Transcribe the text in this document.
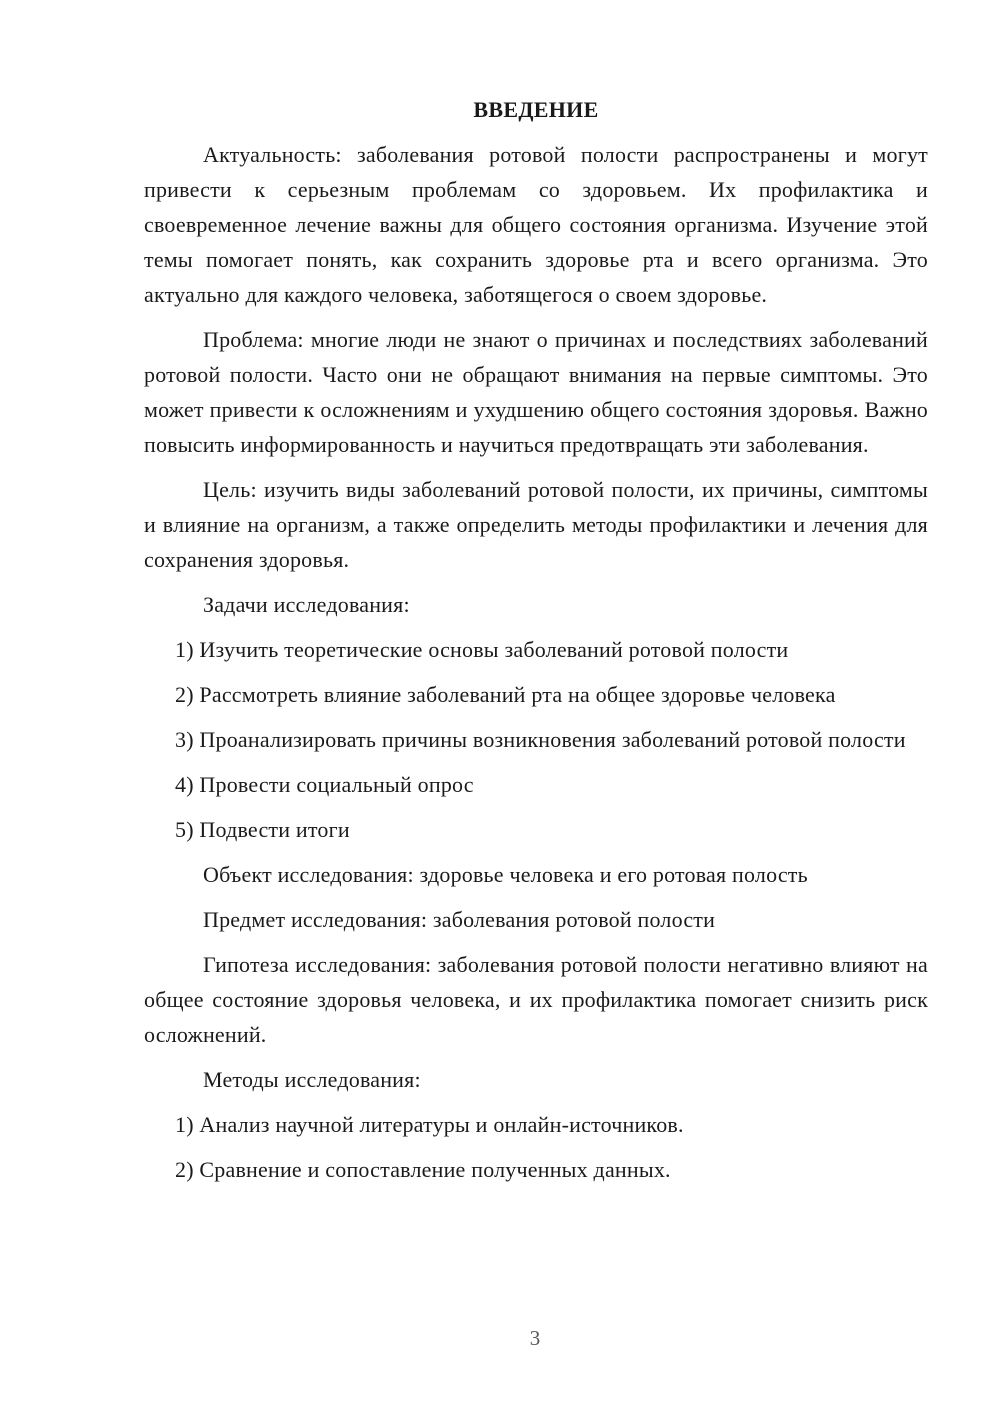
ВВЕДЕНИЕ

Актуальность: заболевания ротовой полости распространены и могут привести к серьезным проблемам со здоровьем. Их профилактика и своевременное лечение важны для общего состояния организма. Изучение этой темы помогает понять, как сохранить здоровье рта и всего организма. Это актуально для каждого человека, заботящегося о своем здоровье.

Проблема: многие люди не знают о причинах и последствиях заболеваний ротовой полости. Часто они не обращают внимания на первые симптомы. Это может привести к осложнениям и ухудшению общего состояния здоровья. Важно повысить информированность и научиться предотвращать эти заболевания.

Цель: изучить виды заболеваний ротовой полости, их причины, симптомы и влияние на организм, а также определить методы профилактики и лечения для сохранения здоровья.

Задачи исследования:

1) Изучить теоретические основы заболеваний ротовой полости

2) Рассмотреть влияние заболеваний рта на общее здоровье человека

3) Проанализировать причины возникновения заболеваний ротовой полости

4) Провести социальный опрос

5) Подвести итоги

Объект исследования: здоровье человека и его ротовая полость

Предмет исследования: заболевания ротовой полости

Гипотеза исследования: заболевания ротовой полости негативно влияют на общее состояние здоровья человека, и их профилактика помогает снизить риск осложнений.

Методы исследования:

1) Анализ научной литературы и онлайн-источников.

2) Сравнение и сопоставление полученных данных.

3
